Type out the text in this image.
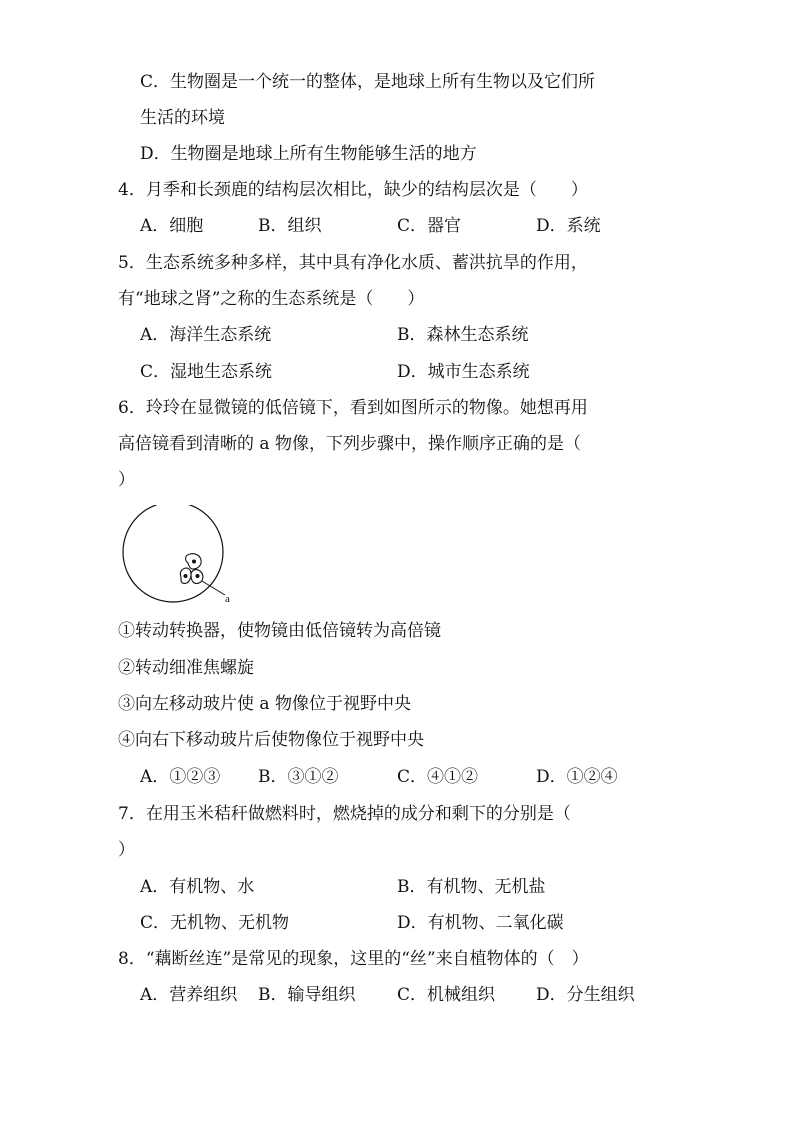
C．生物圈是一个统一的整体，是地球上所有生物以及它们所
生活的环境
D．生物圈是地球上所有生物能够生活的地方
4．月季和长颈鹿的结构层次相比，缺少的结构层次是（　　）
A．细胞	B．组织	C．器官	D．系统
5．生态系统多种多样，其中具有净化水质、蓄洪抗旱的作用，
有“地球之肾”之称的生态系统是（　　）
A．海洋生态系统	B．森林生态系统
C．湿地生态系统	D．城市生态系统
6．玲玲在显微镜的低倍镜下，看到如图所示的物像。她想再用
高倍镜看到清晰的 a 物像，下列步骤中，操作顺序正确的是（
）
a
①转动转换器，使物镜由低倍镜转为高倍镜
②转动细准焦螺旋
③向左移动玻片使 a 物像位于视野中央
④向右下移动玻片后使物像位于视野中央
A．①②③ B．③①②	C．④①②	D．①②④
7．在用玉米秸秆做燃料时，燃烧掉的成分和剩下的分别是（
）
A．有机物、水	B．有机物、无机盐
C．无机物、无机物	D．有机物、二氧化碳
8．“藕断丝连”是常见的现象，这里的“丝”来自植物体的（　）
A．营养组织 B．输导组织 C．机械组织 D．分生组织
